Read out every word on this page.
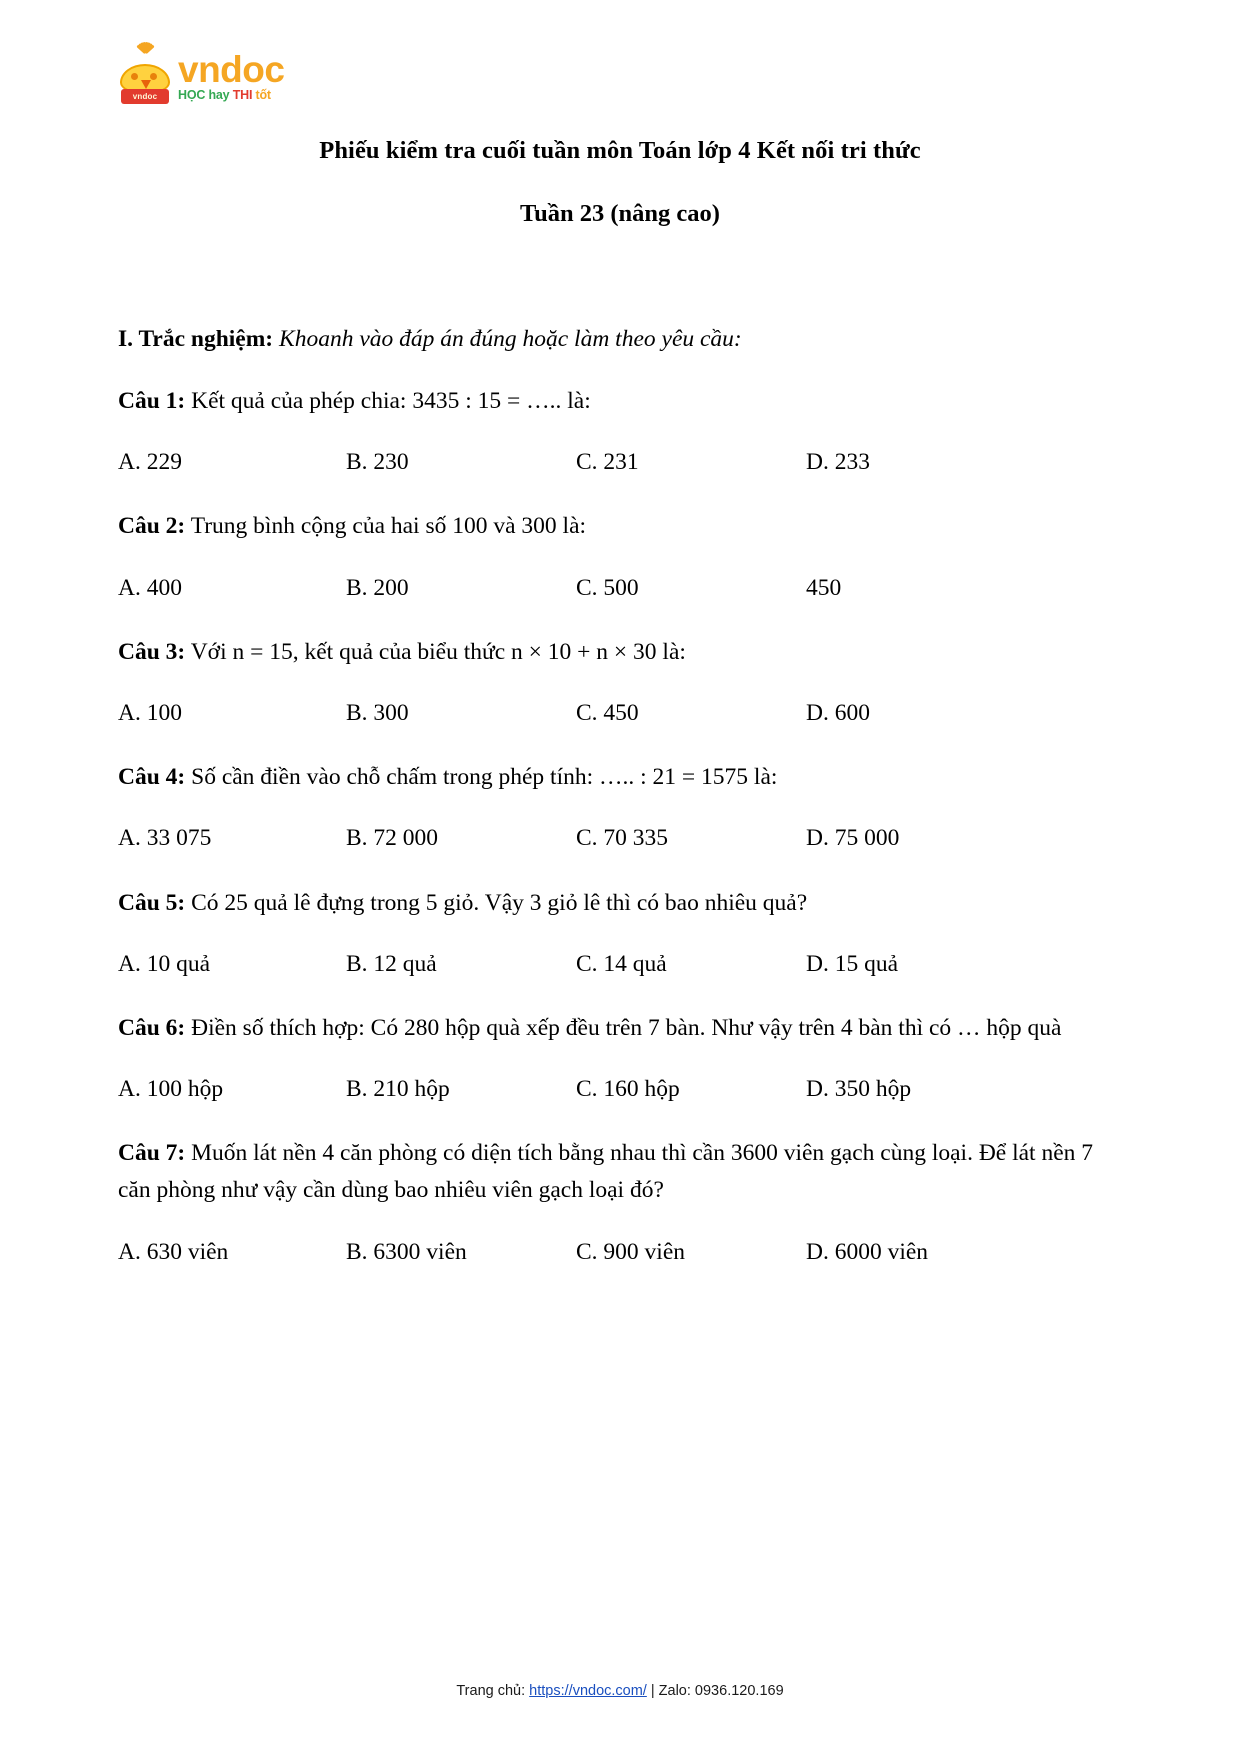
vndoc
vndoc
HỌC hay THI tốt
Phiếu kiểm tra cuối tuần môn Toán lớp 4 Kết nối tri thức
Tuần 23 (nâng cao)
I. Trắc nghiệm: Khoanh vào đáp án đúng hoặc làm theo yêu cầu:
Câu 1: Kết quả của phép chia: 3435 : 15 = ….. là:
A. 229	B. 230	C. 231	D. 233
Câu 2: Trung bình cộng của hai số 100 và 300 là:
A. 400	B. 200	C. 500	450
Câu 3: Với n = 15, kết quả của biểu thức n × 10 + n × 30 là:
A. 100	B. 300	C. 450	D. 600
Câu 4: Số cần điền vào chỗ chấm trong phép tính: ….. : 21 = 1575 là:
A. 33 075	B. 72 000	C. 70 335	D. 75 000
Câu 5: Có 25 quả lê đựng trong 5 giỏ. Vậy 3 giỏ lê thì có bao nhiêu quả?
A. 10 quả	B. 12 quả	C. 14 quả	D. 15 quả
Câu 6: Điền số thích hợp: Có 280 hộp quà xếp đều trên 7 bàn. Như vậy trên 4 bàn thì có … hộp quà
A. 100 hộp	B. 210 hộp	C. 160 hộp	D. 350 hộp
Câu 7: Muốn lát nền 4 căn phòng có diện tích bằng nhau thì cần 3600 viên gạch cùng loại. Để lát nền 7 căn phòng như vậy cần dùng bao nhiêu viên gạch loại đó?
A. 630 viên	B. 6300 viên	C. 900 viên	D. 6000 viên
Trang chủ: https://vndoc.com/ | Zalo: 0936.120.169
